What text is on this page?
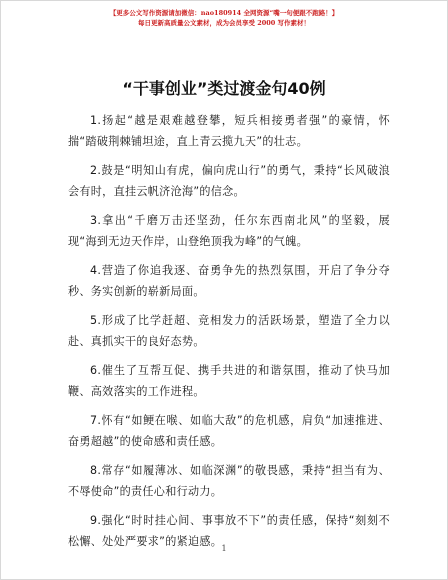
【更多公文写作资源请加微信：nao180914 全网资源“嘴一句便跟不跑路！】
每日更新高质量公文素材，成为会员享受 2000 写作素材！
“干事创业”类过渡金句40例

1.扬起“越是艰难越登攀，短兵相接勇者强”的豪情，怀揣“踏破荆棘铺坦途，直上青云揽九天”的壮志。

2.鼓是“明知山有虎，偏向虎山行”的勇气，秉持“长风破浪会有时，直挂云帆济沧海”的信念。

3.拿出“千磨万击还坚劲，任尔东西南北风”的坚毅，展现“海到无边天作岸，山登绝顶我为峰”的气魄。

4.营造了你追我逐、奋勇争先的热烈氛围，开启了争分夺秒、务实创新的崭新局面。

5.形成了比学赶超、竞相发力的活跃场景，塑造了全力以赴、真抓实干的良好态势。

6.催生了互帮互促、携手共进的和谐氛围，推动了快马加鞭、高效落实的工作进程。

7.怀有“如鲠在喉、如临大敌”的危机感，肩负“加速推进、奋勇超越”的使命感和责任感。

8.常存“如履薄冰、如临深渊”的敬畏感，秉持“担当有为、不辱使命”的责任心和行动力。

9.强化“时时挂心间、事事放不下”的责任感，保持“刻刻不松懈、处处严要求”的紧迫感。

1
